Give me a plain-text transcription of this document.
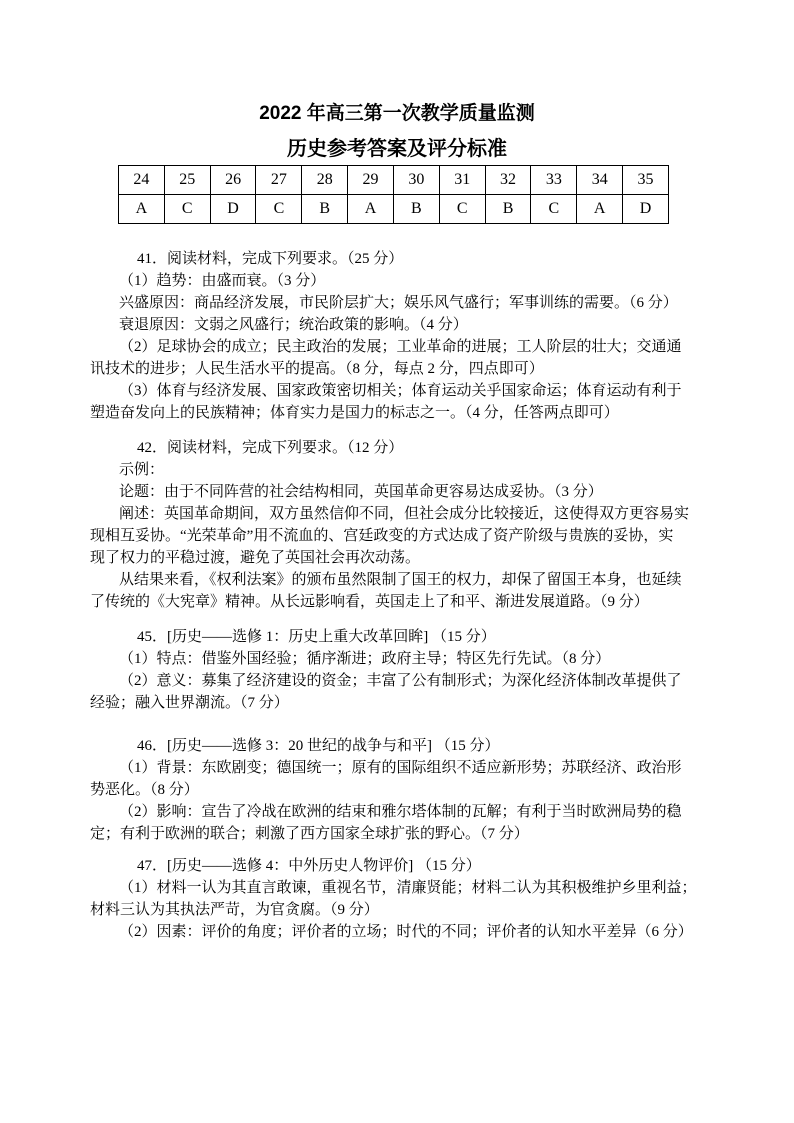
2022 年高三第一次教学质量监测
历史参考答案及评分标准
24	25	26	27	28	29	30	31	32	33	34	35
A	C	D	C	B	A	B	C	B	C	A	D
41．阅读材料，完成下列要求。（25 分）
（1）趋势：由盛而衰。（3 分）
兴盛原因：商品经济发展，市民阶层扩大；娱乐风气盛行；军事训练的需要。（6 分）
衰退原因：文弱之风盛行；统治政策的影响。（4 分）
（2）足球协会的成立；民主政治的发展；工业革命的进展；工人阶层的壮大；交通通
讯技术的进步；人民生活水平的提高。（8 分，每点 2 分，四点即可）
（3）体育与经济发展、国家政策密切相关；体育运动关乎国家命运；体育运动有利于
塑造奋发向上的民族精神；体育实力是国力的标志之一。（4 分，任答两点即可）
42．阅读材料，完成下列要求。（12 分）
示例：
论题：由于不同阵营的社会结构相同，英国革命更容易达成妥协。（3 分）
阐述：英国革命期间，双方虽然信仰不同，但社会成分比较接近，这使得双方更容易实
现相互妥协。“光荣革命”用不流血的、宫廷政变的方式达成了资产阶级与贵族的妥协，实
现了权力的平稳过渡，避免了英国社会再次动荡。
从结果来看，《权利法案》的颁布虽然限制了国王的权力，却保了留国王本身，也延续
了传统的《大宪章》精神。从长远影响看，英国走上了和平、渐进发展道路。（9 分）
45．[历史——选修 1：历史上重大改革回眸] （15 分）
（1）特点：借鉴外国经验；循序渐进；政府主导；特区先行先试。（8 分）
（2）意义：募集了经济建设的资金；丰富了公有制形式；为深化经济体制改革提供了
经验；融入世界潮流。（7 分）
46．[历史——选修 3：20 世纪的战争与和平] （15 分）
（1）背景：东欧剧变；德国统一；原有的国际组织不适应新形势；苏联经济、政治形
势恶化。（8 分）
（2）影响：宣告了冷战在欧洲的结束和雅尔塔体制的瓦解；有利于当时欧洲局势的稳
定；有利于欧洲的联合；刺激了西方国家全球扩张的野心。（7 分）
47．[历史——选修 4：中外历史人物评价] （15 分）
（1）材料一认为其直言敢谏，重视名节，清廉贤能；材料二认为其积极维护乡里利益；
材料三认为其执法严苛，为官贪腐。（9 分）
（2）因素：评价的角度；评价者的立场；时代的不同；评价者的认知水平差异（6 分）
